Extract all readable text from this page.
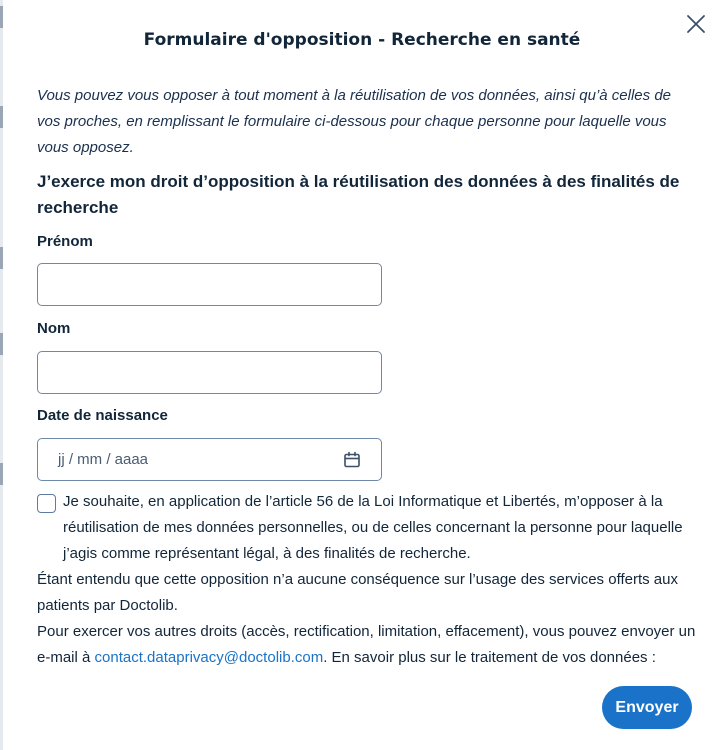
Formulaire d'opposition - Recherche en santé

Vous pouvez vous opposer à tout moment à la réutilisation de vos données, ainsi qu’à celles de vos proches, en remplissant le formulaire ci-dessous pour chaque personne pour laquelle vous vous opposez.

J’exerce mon droit d’opposition à la réutilisation des données à des finalités de recherche
Prénom
Nom
Date de naissance
jj / mm / aaaa

Je souhaite, en application de l’article 56 de la Loi Informatique et Libertés, m’opposer à la réutilisation de mes données personnelles, ou de celles concernant la personne pour laquelle j’agis comme représentant légal, à des finalités de recherche.

Étant entendu que cette opposition n’a aucune conséquence sur l’usage des services offerts aux patients par Doctolib.

Pour exercer vos autres droits (accès, rectification, limitation, effacement), vous pouvez envoyer un e-mail à contact.dataprivacy@doctolib.com. En savoir plus sur le traitement de vos données :

Envoyer
